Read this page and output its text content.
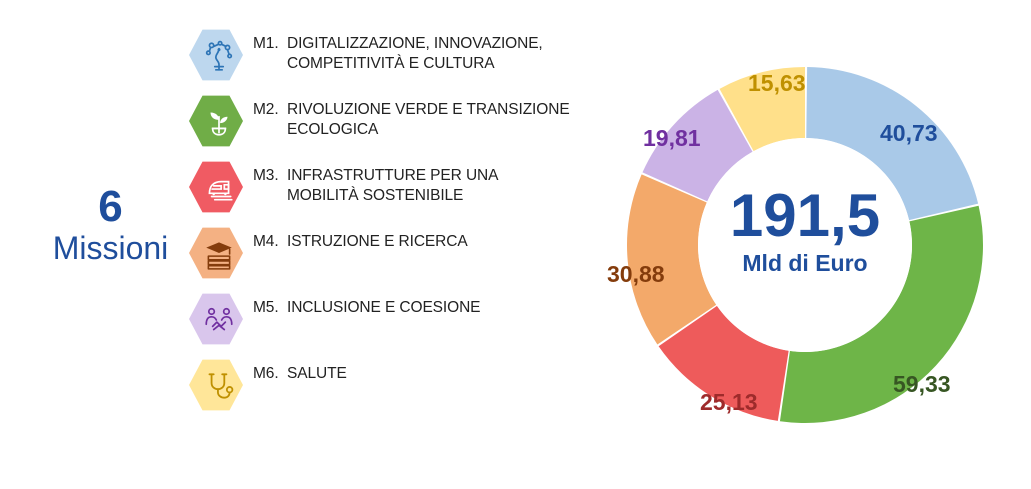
6
Missioni
M1. DIGITALIZZAZIONE, INNOVAZIONE,
COMPETITIVITÀ E CULTURA
M2. RIVOLUZIONE VERDE E TRANSIZIONE
ECOLOGICA
M3. INFRASTRUTTURE PER UNA
MOBILITÀ SOSTENIBILE
M4. ISTRUZIONE E RICERCA
M5. INCLUSIONE E COESIONE
M6. SALUTE
191,5
Mld di Euro
40,73
59,33
25,13
30,88
19,81
15,63
